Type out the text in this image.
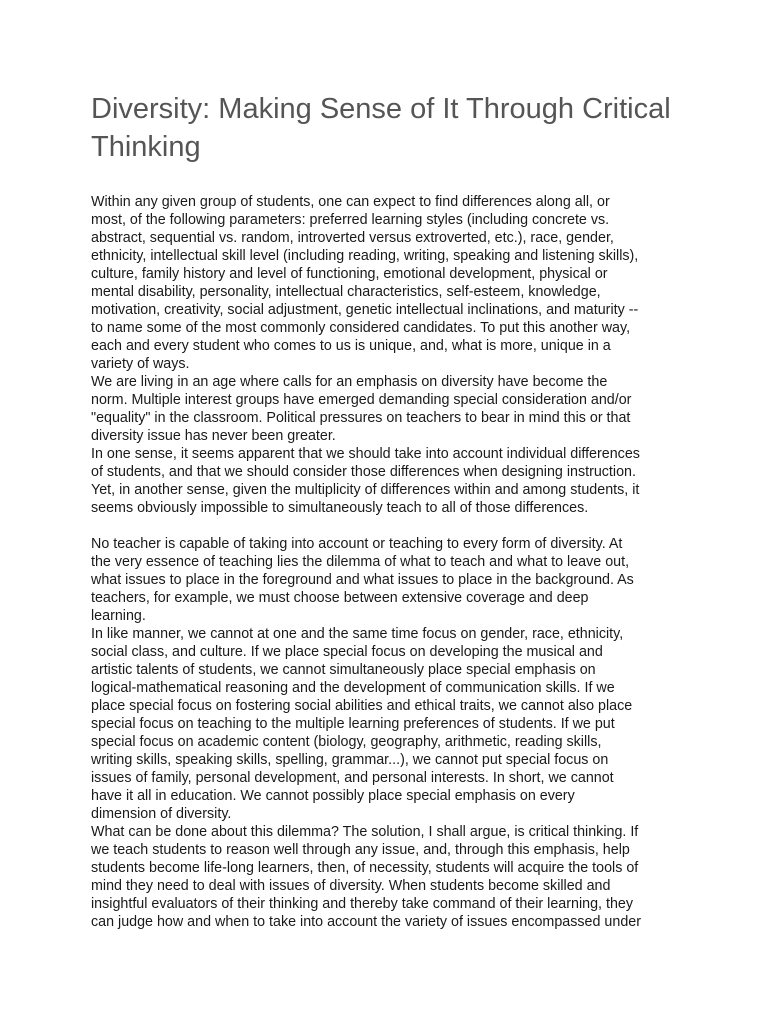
Diversity: Making Sense of It Through Critical Thinking

Within any given group of students, one can expect to find differences along all, or
most, of the following parameters: preferred learning styles (including concrete vs.
abstract, sequential vs. random, introverted versus extroverted, etc.), race, gender,
ethnicity, intellectual skill level (including reading, writing, speaking and listening skills),
culture, family history and level of functioning, emotional development, physical or
mental disability, personality, intellectual characteristics, self-esteem, knowledge,
motivation, creativity, social adjustment, genetic intellectual inclinations, and maturity --
to name some of the most commonly considered candidates. To put this another way,
each and every student who comes to us is unique, and, what is more, unique in a
variety of ways.

We are living in an age where calls for an emphasis on diversity have become the
norm. Multiple interest groups have emerged demanding special consideration and/or
"equality" in the classroom. Political pressures on teachers to bear in mind this or that
diversity issue has never been greater.

In one sense, it seems apparent that we should take into account individual differences
of students, and that we should consider those differences when designing instruction.
Yet, in another sense, given the multiplicity of differences within and among students, it
seems obviously impossible to simultaneously teach to all of those differences.

No teacher is capable of taking into account or teaching to every form of diversity. At
the very essence of teaching lies the dilemma of what to teach and what to leave out,
what issues to place in the foreground and what issues to place in the background. As
teachers, for example, we must choose between extensive coverage and deep
learning.

In like manner, we cannot at one and the same time focus on gender, race, ethnicity,
social class, and culture. If we place special focus on developing the musical and
artistic talents of students, we cannot simultaneously place special emphasis on
logical-mathematical reasoning and the development of communication skills. If we
place special focus on fostering social abilities and ethical traits, we cannot also place
special focus on teaching to the multiple learning preferences of students. If we put
special focus on academic content (biology, geography, arithmetic, reading skills,
writing skills, speaking skills, spelling, grammar...), we cannot put special focus on
issues of family, personal development, and personal interests. In short, we cannot
have it all in education. We cannot possibly place special emphasis on every
dimension of diversity.

What can be done about this dilemma? The solution, I shall argue, is critical thinking. If
we teach students to reason well through any issue, and, through this emphasis, help
students become life-long learners, then, of necessity, students will acquire the tools of
mind they need to deal with issues of diversity. When students become skilled and
insightful evaluators of their thinking and thereby take command of their learning, they
can judge how and when to take into account the variety of issues encompassed under
